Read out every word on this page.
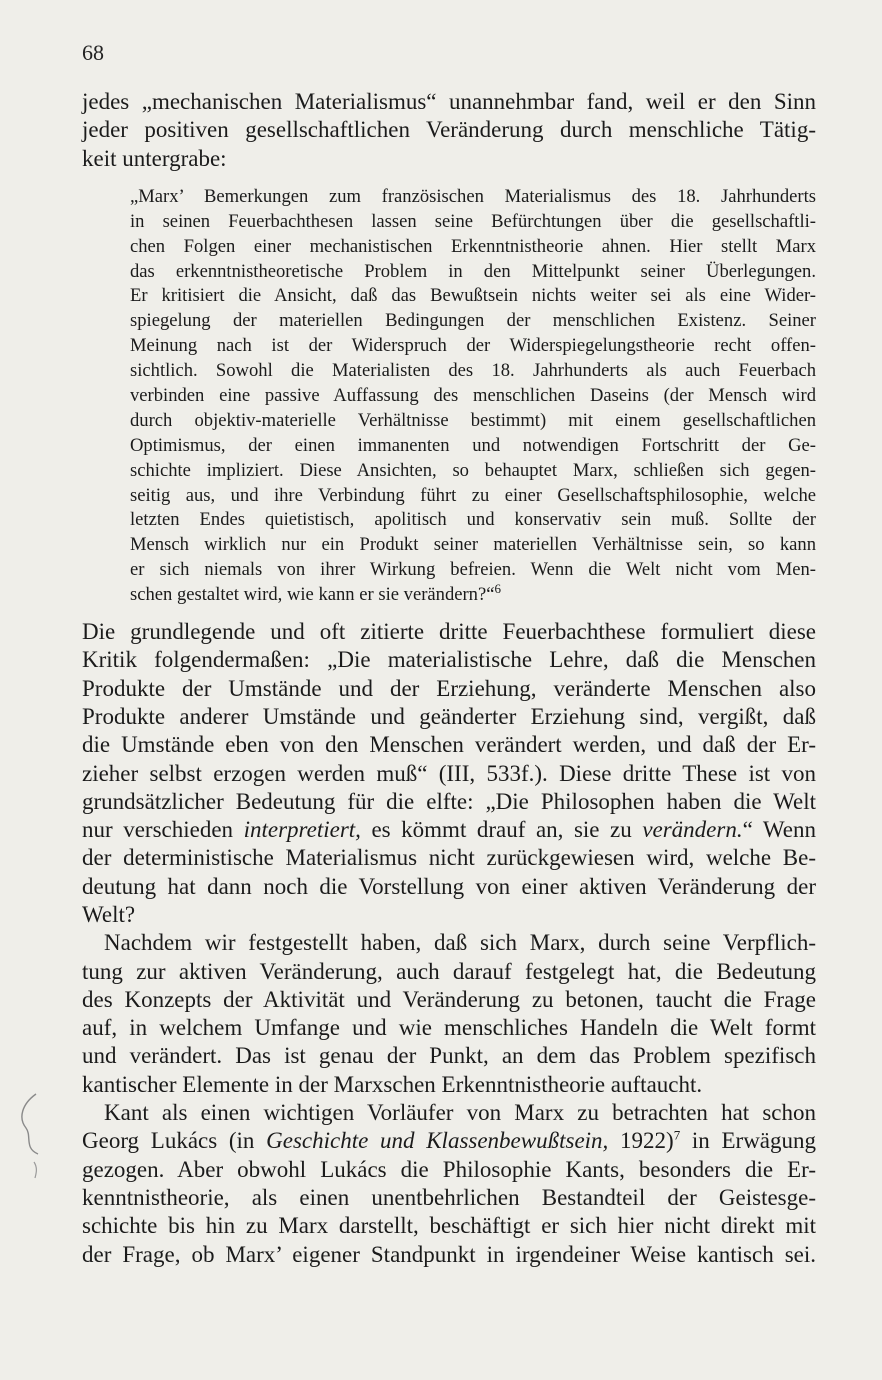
68

jedes „mechanischen Materialismus“ unannehmbar fand, weil er den Sinn

jeder positiven gesellschaftlichen Veränderung durch menschliche Tätig-

keit untergrabe:

„Marx’ Bemerkungen zum französischen Materialismus des 18. Jahrhunderts

in seinen Feuerbachthesen lassen seine Befürchtungen über die gesellschaftli-

chen Folgen einer mechanistischen Erkenntnistheorie ahnen. Hier stellt Marx

das erkenntnistheoretische Problem in den Mittelpunkt seiner Überlegungen.

Er kritisiert die Ansicht, daß das Bewußtsein nichts weiter sei als eine Wider-

spiegelung der materiellen Bedingungen der menschlichen Existenz. Seiner

Meinung nach ist der Widerspruch der Widerspiegelungstheorie recht offen-

sichtlich. Sowohl die Materialisten des 18. Jahrhunderts als auch Feuerbach

verbinden eine passive Auffassung des menschlichen Daseins (der Mensch wird

durch objektiv-materielle Verhältnisse bestimmt) mit einem gesellschaftlichen

Optimismus, der einen immanenten und notwendigen Fortschritt der Ge-

schichte impliziert. Diese Ansichten, so behauptet Marx, schließen sich gegen-

seitig aus, und ihre Verbindung führt zu einer Gesellschaftsphilosophie, welche

letzten Endes quietistisch, apolitisch und konservativ sein muß. Sollte der

Mensch wirklich nur ein Produkt seiner materiellen Verhältnisse sein, so kann

er sich niemals von ihrer Wirkung befreien. Wenn die Welt nicht vom Men-

schen gestaltet wird, wie kann er sie verändern?“$^6$

Die grundlegende und oft zitierte dritte Feuerbachthese formuliert diese

Kritik folgendermaßen: „Die materialistische Lehre, daß die Menschen

Produkte der Umstände und der Erziehung, veränderte Menschen also

Produkte anderer Umstände und geänderter Erziehung sind, vergißt, daß

die Umstände eben von den Menschen verändert werden, und daß der Er-

zieher selbst erzogen werden muß“ (III, 533f.). Diese dritte These ist von

grundsätzlicher Bedeutung für die elfte: „Die Philosophen haben die Welt

nur verschieden interpretiert, es kömmt drauf an, sie zu verändern.“ Wenn

der deterministische Materialismus nicht zurückgewiesen wird, welche Be-

deutung hat dann noch die Vorstellung von einer aktiven Veränderung der

Welt?

Nachdem wir festgestellt haben, daß sich Marx, durch seine Verpflich-

tung zur aktiven Veränderung, auch darauf festgelegt hat, die Bedeutung

des Konzepts der Aktivität und Veränderung zu betonen, taucht die Frage

auf, in welchem Umfange und wie menschliches Handeln die Welt formt

und verändert. Das ist genau der Punkt, an dem das Problem spezifisch

kantischer Elemente in der Marxschen Erkenntnistheorie auftaucht.

Kant als einen wichtigen Vorläufer von Marx zu betrachten hat schon

Georg Lukács (in Geschichte und Klassenbewußtsein, 1922)$^7$ in Erwägung

gezogen. Aber obwohl Lukács die Philosophie Kants, besonders die Er-

kenntnistheorie, als einen unentbehrlichen Bestandteil der Geistesge-

schichte bis hin zu Marx darstellt, beschäftigt er sich hier nicht direkt mit

der Frage, ob Marx’ eigener Standpunkt in irgendeiner Weise kantisch sei.
